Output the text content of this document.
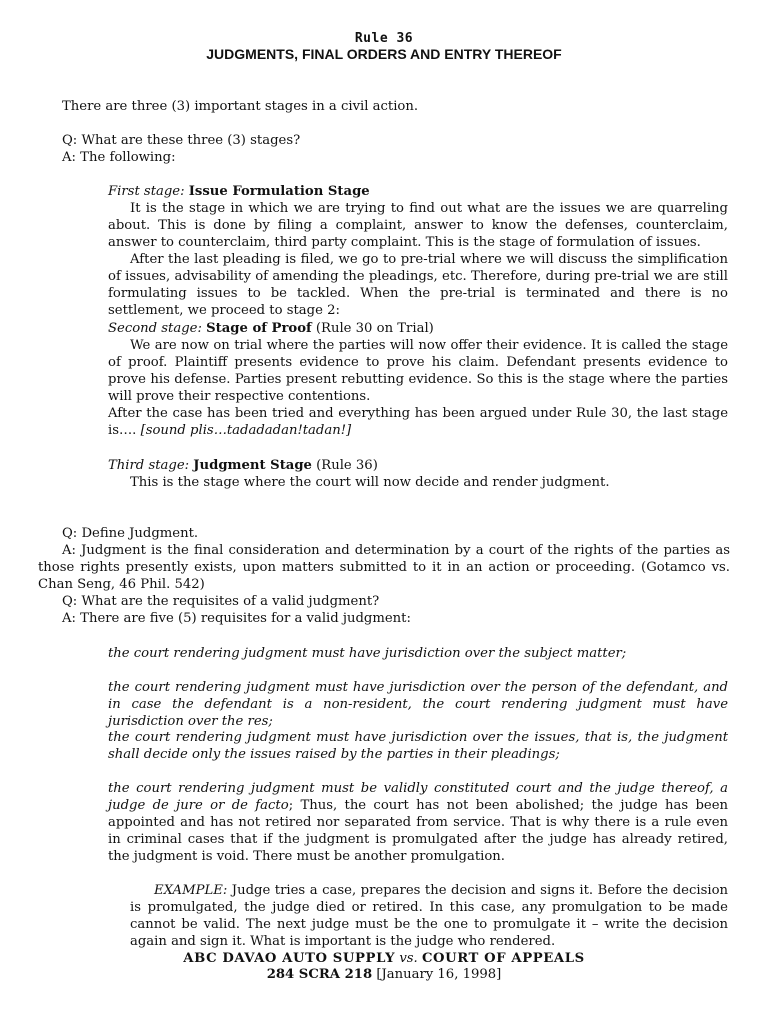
Rule 36
JUDGMENTS, FINAL ORDERS AND ENTRY THEREOF

There are three (3) important stages in a civil action.

Q: What are these three (3) stages?

A: The following:

First stage: Issue Formulation Stage

It is the stage in which we are trying to find out what are the issues we are quarreling about. This is done by filing a complaint, answer to know the defenses, counterclaim, answer to counterclaim, third party complaint. This is the stage of formulation of issues.

After the last pleading is filed, we go to pre-trial where we will discuss the simplification of issues, advisability of amending the pleadings, etc. Therefore, during pre-trial we are still formulating issues to be tackled. When the pre-trial is terminated and there is no settlement, we proceed to stage 2:

Second stage: Stage of Proof (Rule 30 on Trial)

We are now on trial where the parties will now offer their evidence. It is called the stage of proof. Plaintiff presents evidence to prove his claim. Defendant presents evidence to prove his defense. Parties present rebutting evidence. So this is the stage where the parties will prove their respective contentions.

After the case has been tried and everything has been argued under Rule 30, the last stage is…. [sound plis…tadadadan!tadan!]

Third stage: Judgment Stage (Rule 36)

This is the stage where the court will now decide and render judgment.

Q: Define Judgment.

A: Judgment is the final consideration and determination by a court of the rights of the parties as those rights presently exists, upon matters submitted to it in an action or proceeding. (Gotamco vs. Chan Seng, 46 Phil. 542)

Q: What are the requisites of a valid judgment?

A: There are five (5) requisites for a valid judgment:

the court rendering judgment must have jurisdiction over the subject matter;

the court rendering judgment must have jurisdiction over the person of the defendant, and in case the defendant is a non-resident, the court rendering judgment must have jurisdiction over the res;

the court rendering judgment must have jurisdiction over the issues, that is, the judgment shall decide only the issues raised by the parties in their pleadings;

the court rendering judgment must be validly constituted court and the judge thereof, a judge de jure or de facto; Thus, the court has not been abolished; the judge has been appointed and has not retired nor separated from service. That is why there is a rule even in criminal cases that if the judgment is promulgated after the judge has already retired, the judgment is void. There must be another promulgation.

EXAMPLE: Judge tries a case, prepares the decision and signs it. Before the decision is promulgated, the judge died or retired. In this case, any promulgation to be made cannot be valid. The next judge must be the one to promulgate it – write the decision again and sign it. What is important is the judge who rendered.

ABC DAVAO AUTO SUPPLY vs. COURT OF APPEALS

284 SCRA 218 [January 16, 1998]
